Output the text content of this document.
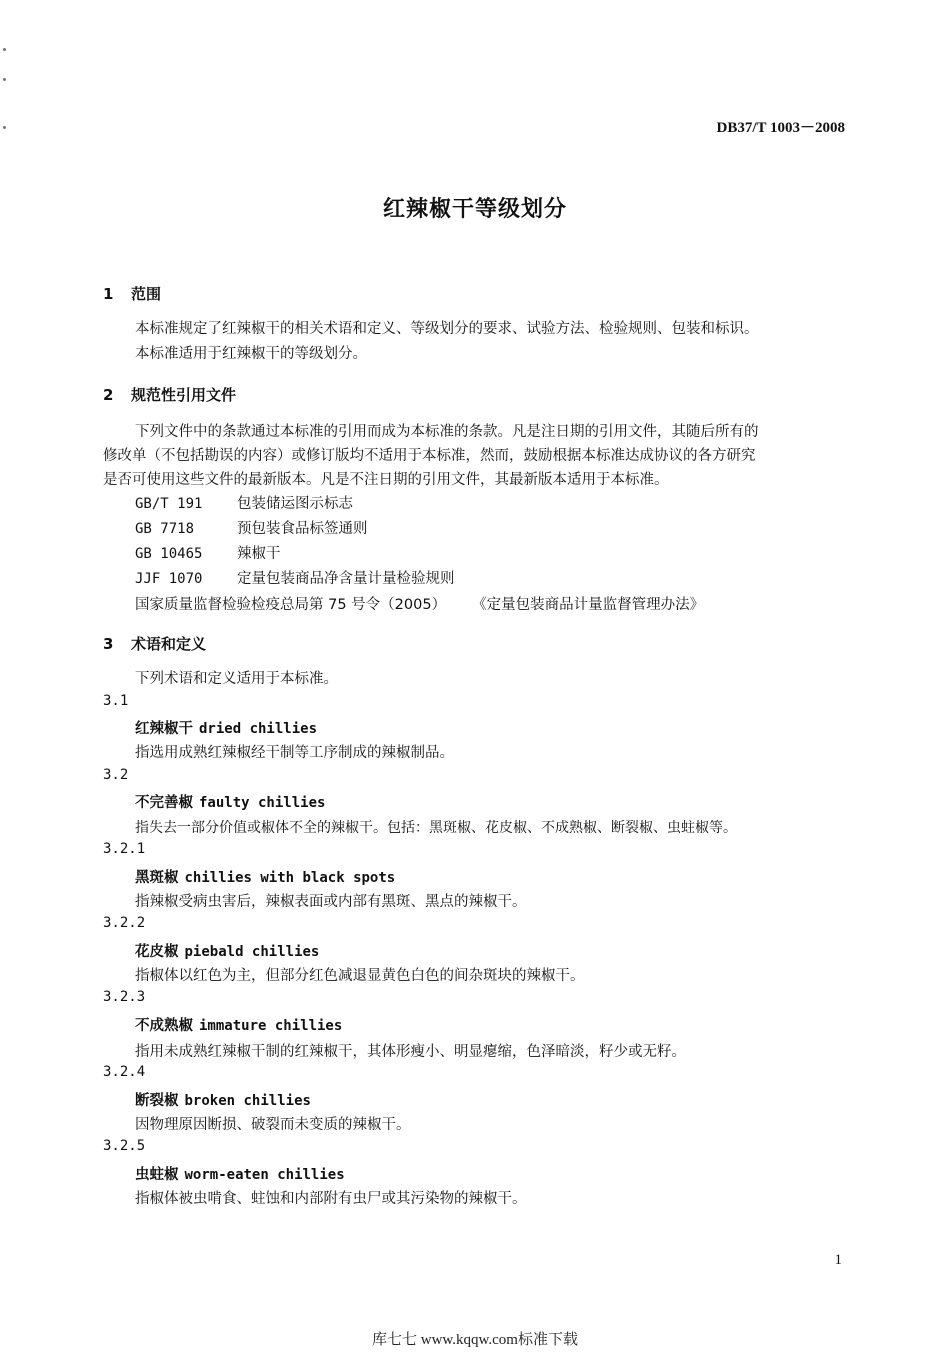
DB37/T 1003－2008
红辣椒干等级划分
1 范围
本标准规定了红辣椒干的相关术语和定义、等级划分的要求、试验方法、检验规则、包装和标识。
本标准适用于红辣椒干的等级划分。
2 规范性引用文件
下列文件中的条款通过本标准的引用而成为本标准的条款。凡是注日期的引用文件，其随后所有的
修改单（不包括勘误的内容）或修订版均不适用于本标准，然而，鼓励根据本标准达成协议的各方研究
是否可使用这些文件的最新版本。凡是不注日期的引用文件，其最新版本适用于本标准。
GB/T 191 包装储运图示标志
GB 7718	预包装食品标签通则
GB 10465 辣椒干
JJF 1070 定量包装商品净含量计量检验规则
国家质量监督检验检疫总局第 75 号令（2005） 《定量包装商品计量监督管理办法》
3 术语和定义
下列术语和定义适用于本标准。
3.1
红辣椒干 dried chillies
指选用成熟红辣椒经干制等工序制成的辣椒制品。
3.2
不完善椒 faulty chillies
指失去一部分价值或椒体不全的辣椒干。包括：黑斑椒、花皮椒、不成熟椒、断裂椒、虫蛀椒等。
3.2.1
黑斑椒 chillies with black spots
指辣椒受病虫害后，辣椒表面或内部有黑斑、黑点的辣椒干。
3.2.2
花皮椒 piebald chillies
指椒体以红色为主，但部分红色减退显黄色白色的间杂斑块的辣椒干。
3.2.3
不成熟椒 immature chillies
指用未成熟红辣椒干制的红辣椒干，其体形瘦小、明显瘪缩，色泽暗淡，籽少或无籽。
3.2.4
断裂椒 broken chillies
因物理原因断损、破裂而未变质的辣椒干。
3.2.5
虫蛀椒 worm-eaten chillies
指椒体被虫啃食、蛀蚀和内部附有虫尸或其污染物的辣椒干。
1
库七七 www.kqqw.com标准下载
